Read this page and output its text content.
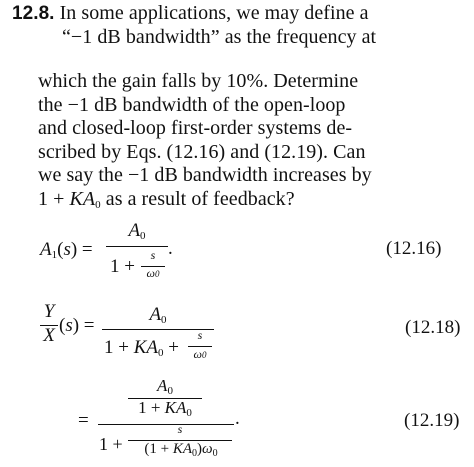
12.8. In some applications, we may define a
“−1 dB bandwidth” as the frequency at
which the gain falls by 10%. Determine
the −1 dB bandwidth of the open-loop
and closed-loop first-order systems de-
scribed by Eqs. (12.16) and (12.19). Can
we say the −1 dB bandwidth increases by
$1 + KA_0$ as a result of feedback?
$A_1(s)$ =
$A_0$
1 +
s
ω0
.	(12.16)
Y
X (s) =
$A_0$
$1 + KA_0$ +
s
ω0
(12.18)
=
$A_0$
$1 + KA_0$
1 +
s
$(1 + KA_0)\omega_0$
.	(12.19)
